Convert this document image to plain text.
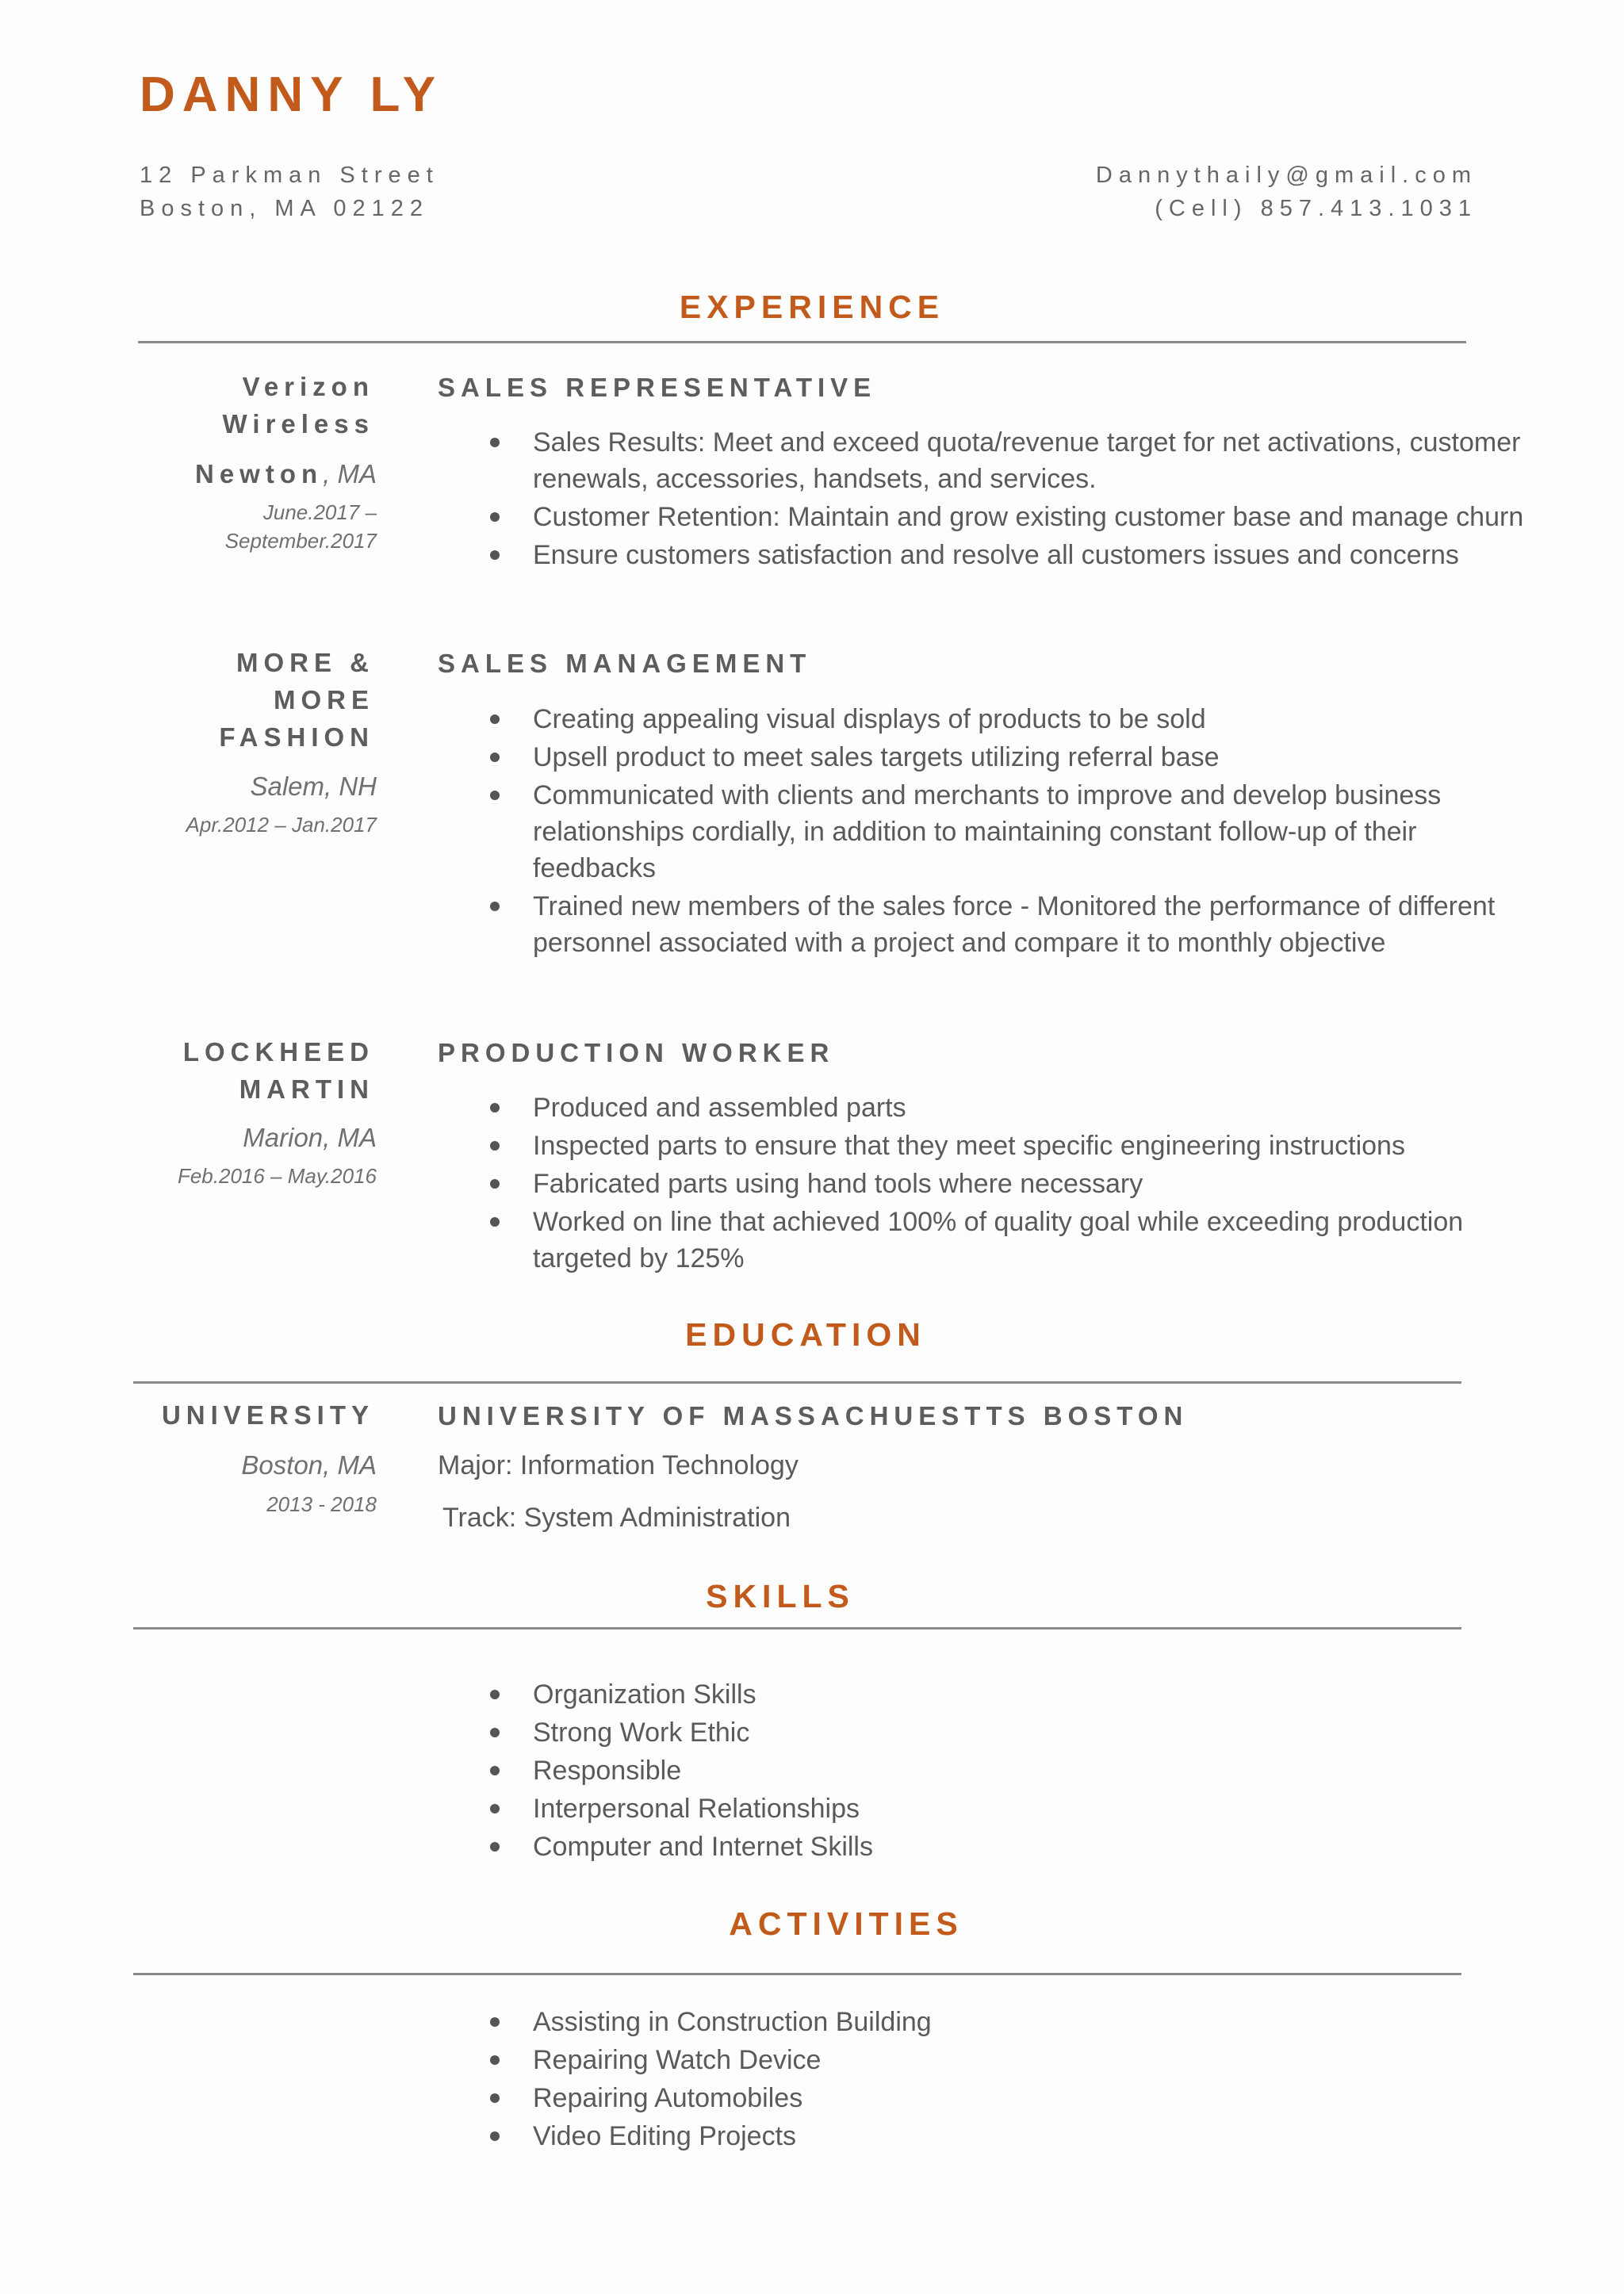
DANNY LY
12 Parkman Street
Boston, MA 02122
Dannythaily@gmail.com
(Cell) 857.413.1031
EXPERIENCE
Verizon
Wireless
Newton, MA
June.2017 –
September.2017
SALES REPRESENTATIVE
Sales Results: Meet and exceed quota/revenue target for net activations, customer renewals, accessories, handsets, and services.
Customer Retention: Maintain and grow existing customer base and manage churn
Ensure customers satisfaction and resolve all customers issues and concerns
MORE &
MORE
FASHION
Salem, NH
Apr.2012 – Jan.2017
SALES MANAGEMENT
Creating appealing visual displays of products to be sold
Upsell product to meet sales targets utilizing referral base
Communicated with clients and merchants to improve and develop business relationships cordially, in addition to maintaining constant follow-up of their feedbacks
Trained new members of the sales force - Monitored the performance of different personnel associated with a project and compare it to monthly objective
LOCKHEED
MARTIN
Marion, MA
Feb.2016 – May.2016
PRODUCTION WORKER
Produced and assembled parts
Inspected parts to ensure that they meet specific engineering instructions
Fabricated parts using hand tools where necessary
Worked on line that achieved 100% of quality goal while exceeding production targeted by 125%
EDUCATION
UNIVERSITY
Boston, MA
2013 - 2018
UNIVERSITY OF MASSACHUESTTS BOSTON
Major: Information Technology
Track: System Administration
SKILLS
Organization Skills
Strong Work Ethic
Responsible
Interpersonal Relationships
Computer and Internet Skills
ACTIVITIES
Assisting in Construction Building
Repairing Watch Device
Repairing Automobiles
Video Editing Projects
